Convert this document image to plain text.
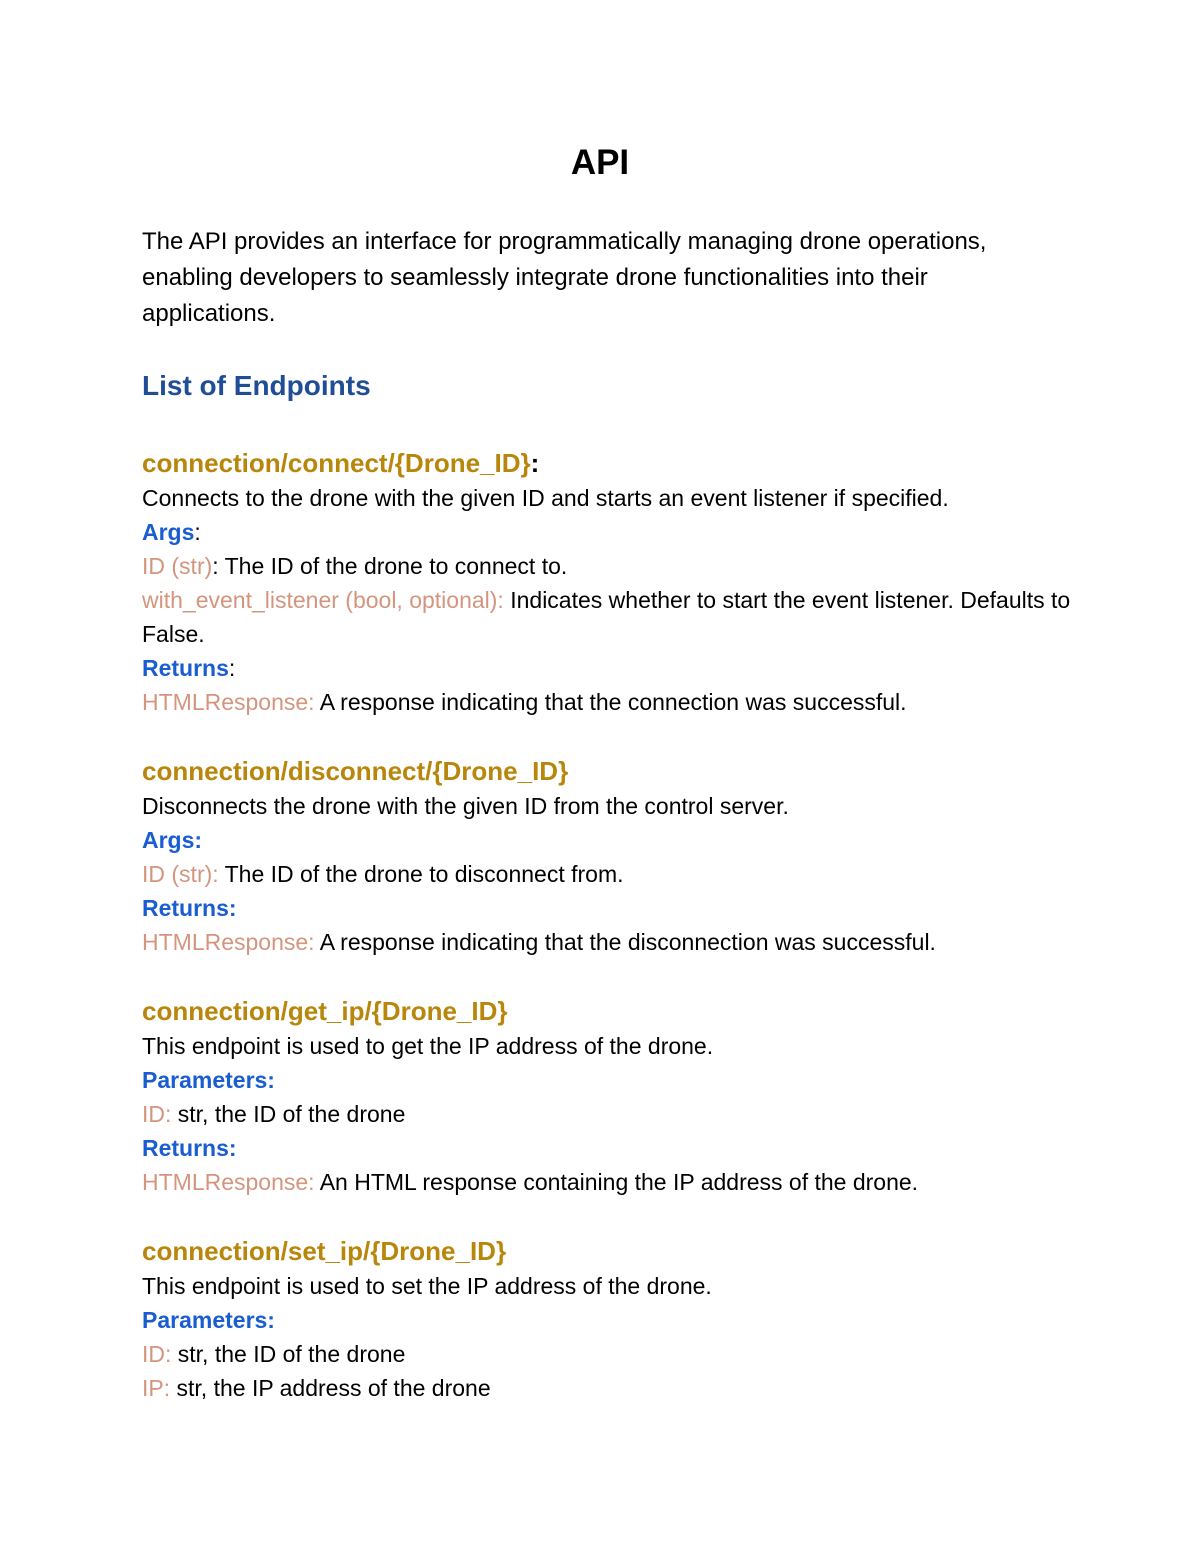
API
The API provides an interface for programmatically managing drone operations, enabling developers to seamlessly integrate drone functionalities into their applications.
List of Endpoints
connection/connect/{Drone_ID}:
Connects to the drone with the given ID and starts an event listener if specified.
Args:
ID (str): The ID of the drone to connect to.
with_event_listener (bool, optional): Indicates whether to start the event listener. Defaults to False.
Returns:
HTMLResponse: A response indicating that the connection was successful.
connection/disconnect/{Drone_ID}
Disconnects the drone with the given ID from the control server.
Args:
ID (str): The ID of the drone to disconnect from.
Returns:
HTMLResponse: A response indicating that the disconnection was successful.
connection/get_ip/{Drone_ID}
This endpoint is used to get the IP address of the drone.
Parameters:
ID: str, the ID of the drone
Returns:
HTMLResponse: An HTML response containing the IP address of the drone.
connection/set_ip/{Drone_ID}
This endpoint is used to set the IP address of the drone.
Parameters:
ID: str, the ID of the drone
IP: str, the IP address of the drone
